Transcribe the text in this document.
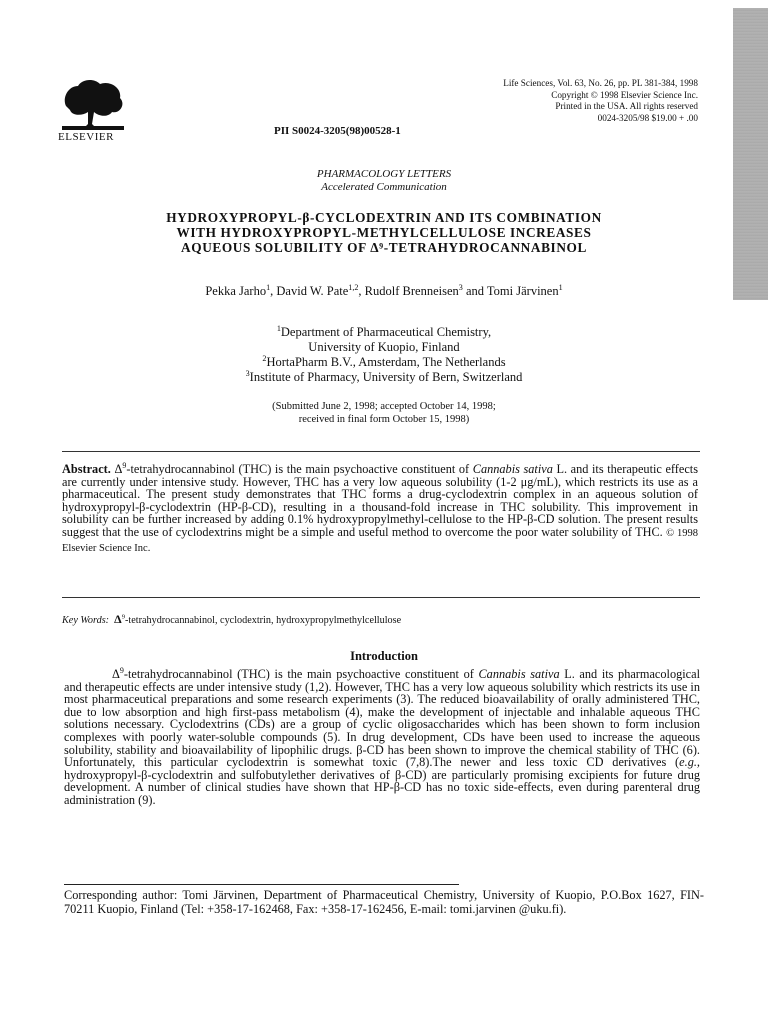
ELSEVIER
Life Sciences, Vol. 63, No. 26, pp. PL 381-384, 1998
Copyright © 1998 Elsevier Science Inc.
Printed in the USA. All rights reserved
0024-3205/98 $19.00 + .00
PII S0024-3205(98)00528-1
PHARMACOLOGY LETTERS
Accelerated Communication
HYDROXYPROPYL-β-CYCLODEXTRIN AND ITS COMBINATION
WITH HYDROXYPROPYL-METHYLCELLULOSE INCREASES
AQUEOUS SOLUBILITY OF Δ⁹-TETRAHYDROCANNABINOL
Pekka Jarho$^1$, David W. Pate$^{1,2}$, Rudolf Brenneisen$^3$ and Tomi Järvinen$^1$
$^1$Department of Pharmaceutical Chemistry,
University of Kuopio, Finland
$^2$HortaPharm B.V., Amsterdam, The Netherlands
$^3$Institute of Pharmacy, University of Bern, Switzerland
(Submitted June 2, 1998; accepted October 14, 1998;
received in final form October 15, 1998)
Abstract. $\Delta^9$-tetrahydrocannabinol (THC) is the main psychoactive constituent of Cannabis sativa L. and its therapeutic effects are currently under intensive study. However, THC has a very low aqueous solubility (1-2 μg/mL), which restricts its use as a pharmaceutical. The present study demonstrates that THC forms a drug-cyclodextrin complex in an aqueous solution of hydroxypropyl-β-cyclodextrin (HP-β-CD), resulting in a thousand-fold increase in THC solubility. This improvement in solubility can be further increased by adding 0.1% hydroxypropylmethyl-cellulose to the HP-β-CD solution. The present results suggest that the use of cyclodextrins might be a simple and useful method to overcome the poor water solubility of THC. © 1998 Elsevier Science Inc.
Key Words: $\Delta^9$-tetrahydrocannabinol, cyclodextrin, hydroxypropylmethylcellulose
Introduction
$\Delta^9$-tetrahydrocannabinol (THC) is the main psychoactive constituent of Cannabis sativa L. and its pharmacological and therapeutic effects are under intensive study (1,2). However, THC has a very low aqueous solubility which restricts its use in most pharmaceutical preparations and some research experiments (3). The reduced bioavailability of orally administered THC, due to low absorption and high first-pass metabolism (4), make the development of injectable and inhalable aqueous THC solutions necessary. Cyclodextrins (CDs) are a group of cyclic oligosaccharides which has been shown to form inclusion complexes with poorly water-soluble compounds (5). In drug development, CDs have been used to increase the aqueous solubility, stability and bioavailability of lipophilic drugs. β-CD has been shown to improve the chemical stability of THC (6). Unfortunately, this particular cyclodextrin is somewhat toxic (7,8).The newer and less toxic CD derivatives (e.g., hydroxypropyl-β-cyclodextrin and sulfobutylether derivatives of β-CD) are particularly promising excipients for future drug development. A number of clinical studies have shown that HP-β-CD has no toxic side-effects, even during parenteral drug administration (9).
Corresponding author: Tomi Järvinen, Department of Pharmaceutical Chemistry, University of Kuopio, P.O.Box 1627, FIN-70211 Kuopio, Finland (Tel: +358-17-162468, Fax: +358-17-162456, E-mail: tomi.jarvinen @uku.fi).
